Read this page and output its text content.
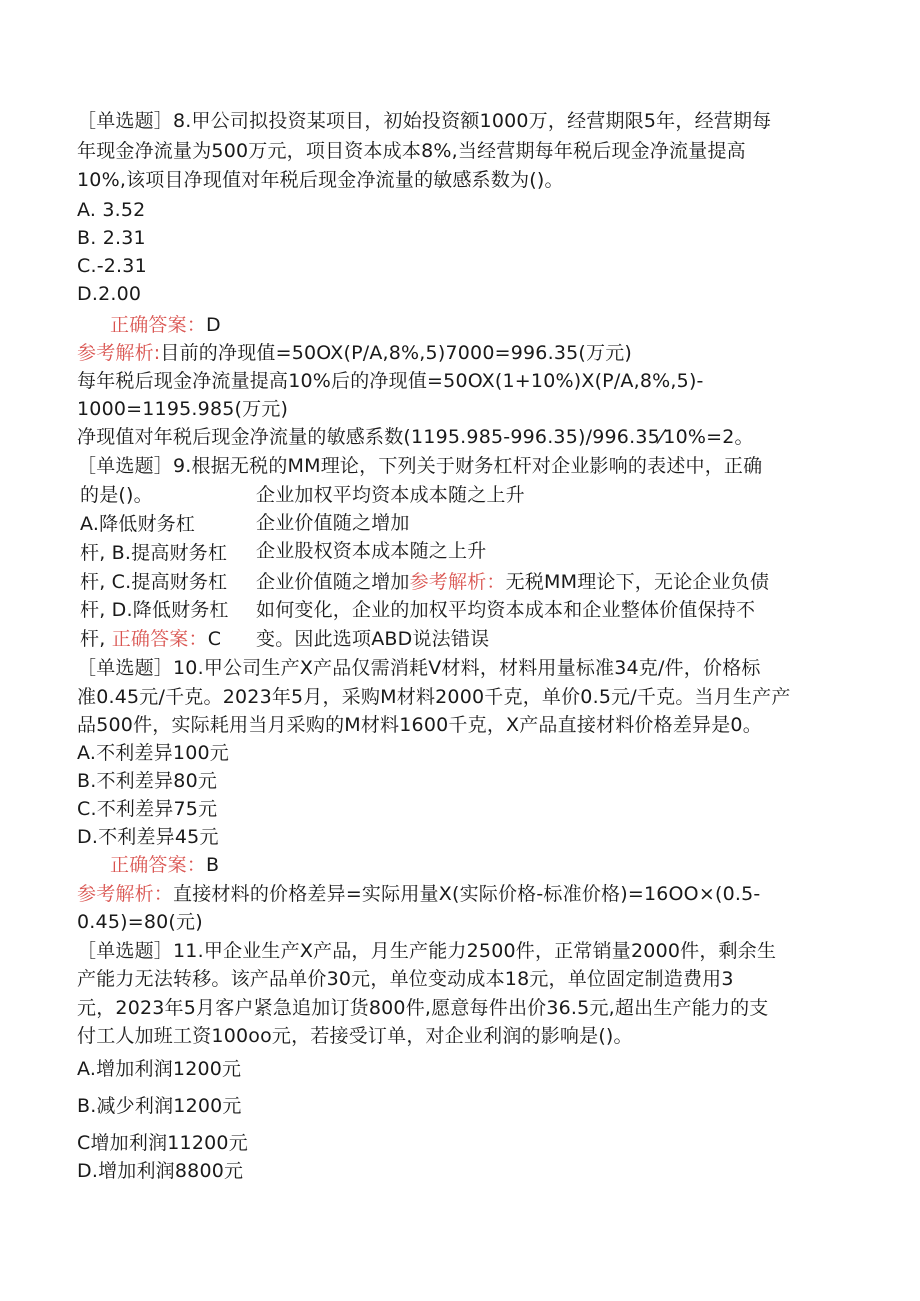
［单选题］8.甲公司拟投资某项目，初始投资额1000万，经营期限5年，经营期每
年现金净流量为500万元，项目资本成本8%,当经营期每年税后现金净流量提高
10%,该项目净现值对年税后现金净流量的敏感系数为()。
A. 3.52
B. 2.31
C.-2.31
D.2.00
正确答案：D
参考解析:目前的净现值=50OX(P/A,8%,5)7000=996.35(万元)
每年税后现金净流量提高10%后的净现值=50OX(1+10%)X(P/A,8%,5)-
1000=1195.985(万元)
净现值对年税后现金净流量的敏感系数(1195.985-996.35)/996.35⁄10%=2。
［单选题］9.根据无税的MM理论，下列关于财务杠杆对企业影响的表述中，正确
的是()。
A.降低财务杠
杆, B.提高财务杠
杆, C.提高财务杠
杆, D.降低财务杠
杆, 正确答案：C
企业加权平均资本成本随之上升
企业价值随之增加
企业股权资本成本随之上升
企业价值随之增加参考解析：无税MM理论下，无论企业负债
如何变化，企业的加权平均资本成本和企业整体价值保持不
变。因此选项ABD说法错误
［单选题］10.甲公司生产X产品仅需消耗V材料，材料用量标准34克/件，价格标
准0.45元/千克。2023年5月，采购M材料2000千克，单价0.5元/千克。当月生产产
品500件，实际耗用当月采购的M材料1600千克，X产品直接材料价格差异是0。
A.不利差异100元
B.不利差异80元
C.不利差异75元
D.不利差异45元
正确答案：B
参考解析：直接材料的价格差异=实际用量X(实际价格-标准价格)=16OO×(0.5-
0.45)=80(元)
［单选题］11.甲企业生产X产品，月生产能力2500件，正常销量2000件，剩余生
产能力无法转移。该产品单价30元，单位变动成本18元，单位固定制造费用3
元，2023年5月客户紧急追加订货800件,愿意每件出价36.5元,超出生产能力的支
付工人加班工资100oo元，若接受订单，对企业利润的影响是()。
A.增加利润1200元
B.减少利润1200元
C增加利润11200元
D.增加利润8800元
